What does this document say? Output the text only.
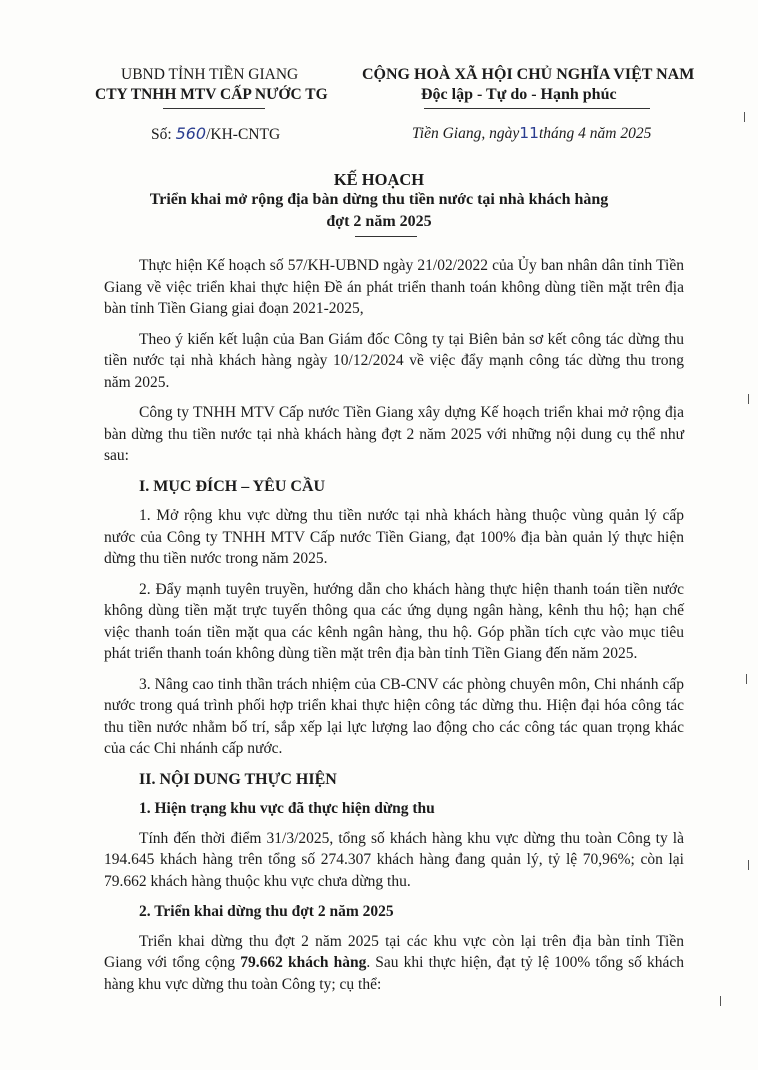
UBND TỈNH TIỀN GIANG
CTY TNHH MTV CẤP NƯỚC TG
CỘNG HOÀ XÃ HỘI CHỦ NGHĨA VIỆT NAM
Độc lập - Tự do - Hạnh phúc
Số: 560/KH-CNTG	Tiền Giang, ngày11tháng 4 năm 2025
KẾ HOẠCH
Triển khai mở rộng địa bàn dừng thu tiền nước tại nhà khách hàng
đợt 2 năm 2025

Thực hiện Kế hoạch số 57/KH-UBND ngày 21/02/2022 của Ủy ban nhân dân tỉnh Tiền Giang về việc triển khai thực hiện Đề án phát triển thanh toán không dùng tiền mặt trên địa bàn tỉnh Tiền Giang giai đoạn 2021-2025,

Theo ý kiến kết luận của Ban Giám đốc Công ty tại Biên bản sơ kết công tác dừng thu tiền nước tại nhà khách hàng ngày 10/12/2024 về việc đẩy mạnh công tác dừng thu trong năm 2025.

Công ty TNHH MTV Cấp nước Tiền Giang xây dựng Kế hoạch triển khai mở rộng địa bàn dừng thu tiền nước tại nhà khách hàng đợt 2 năm 2025 với những nội dung cụ thể như sau:

I. MỤC ĐÍCH – YÊU CẦU

1. Mở rộng khu vực dừng thu tiền nước tại nhà khách hàng thuộc vùng quản lý cấp nước của Công ty TNHH MTV Cấp nước Tiền Giang, đạt 100% địa bàn quản lý thực hiện dừng thu tiền nước trong năm 2025.

2. Đẩy mạnh tuyên truyền, hướng dẫn cho khách hàng thực hiện thanh toán tiền nước không dùng tiền mặt trực tuyến thông qua các ứng dụng ngân hàng, kênh thu hộ; hạn chế việc thanh toán tiền mặt qua các kênh ngân hàng, thu hộ. Góp phần tích cực vào mục tiêu phát triển thanh toán không dùng tiền mặt trên địa bàn tỉnh Tiền Giang đến năm 2025.

3. Nâng cao tinh thần trách nhiệm của CB-CNV các phòng chuyên môn, Chi nhánh cấp nước trong quá trình phối hợp triển khai thực hiện công tác dừng thu. Hiện đại hóa công tác thu tiền nước nhằm bố trí, sắp xếp lại lực lượng lao động cho các công tác quan trọng khác của các Chi nhánh cấp nước.

II. NỘI DUNG THỰC HIỆN
1. Hiện trạng khu vực đã thực hiện dừng thu

Tính đến thời điểm 31/3/2025, tổng số khách hàng khu vực dừng thu toàn Công ty là 194.645 khách hàng trên tổng số 274.307 khách hàng đang quản lý, tỷ lệ 70,96%; còn lại 79.662 khách hàng thuộc khu vực chưa dừng thu.

2. Triển khai dừng thu đợt 2 năm 2025

Triển khai dừng thu đợt 2 năm 2025 tại các khu vực còn lại trên địa bàn tỉnh Tiền Giang với tổng cộng 79.662 khách hàng. Sau khi thực hiện, đạt tỷ lệ 100% tổng số khách hàng khu vực dừng thu toàn Công ty; cụ thể:
